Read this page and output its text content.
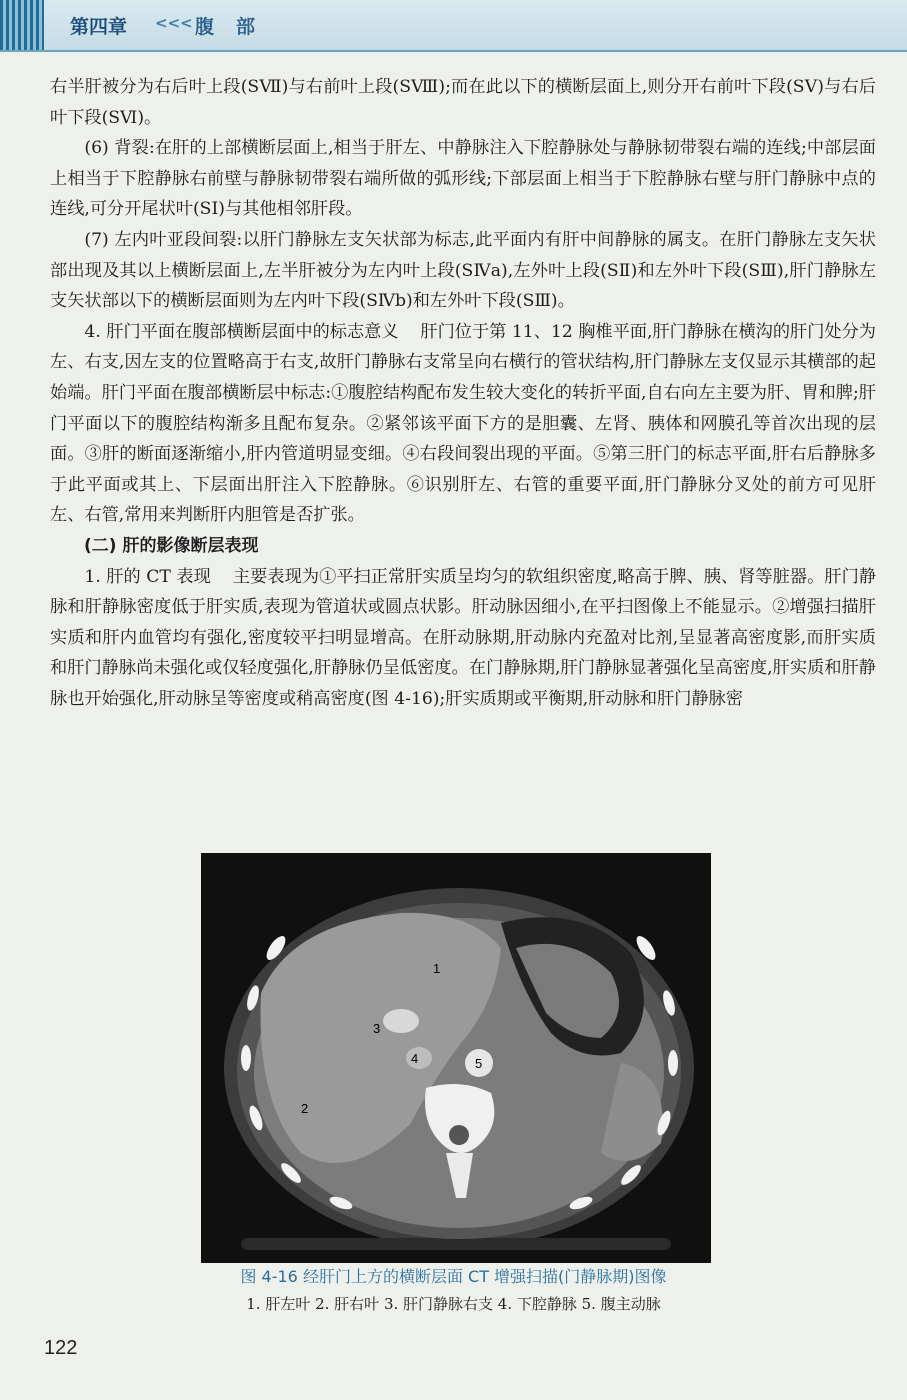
第四章 <<< 腹部

右半肝被分为右后叶上段(SⅦ)与右前叶上段(SⅧ);而在此以下的横断层面上,则分开右前叶下段(SⅤ)与右后叶下段(SⅥ)。

(6) 背裂:在肝的上部横断层面上,相当于肝左、中静脉注入下腔静脉处与静脉韧带裂右端的连线;中部层面上相当于下腔静脉右前壁与静脉韧带裂右端所做的弧形线;下部层面上相当于下腔静脉右壁与肝门静脉中点的连线,可分开尾状叶(SⅠ)与其他相邻肝段。

(7) 左内叶亚段间裂:以肝门静脉左支矢状部为标志,此平面内有肝中间静脉的属支。在肝门静脉左支矢状部出现及其以上横断层面上,左半肝被分为左内叶上段(SⅣa),左外叶上段(SⅡ)和左外叶下段(SⅢ),肝门静脉左支矢状部以下的横断层面则为左内叶下段(SⅣb)和左外叶下段(SⅢ)。

4. 肝门平面在腹部横断层面中的标志意义 肝门位于第 11、12 胸椎平面,肝门静脉在横沟的肝门处分为左、右支,因左支的位置略高于右支,故肝门静脉右支常呈向右横行的管状结构,肝门静脉左支仅显示其横部的起始端。肝门平面在腹部横断层中标志:①腹腔结构配布发生较大变化的转折平面,自右向左主要为肝、胃和脾;肝门平面以下的腹腔结构渐多且配布复杂。②紧邻该平面下方的是胆囊、左肾、胰体和网膜孔等首次出现的层面。③肝的断面逐渐缩小,肝内管道明显变细。④右段间裂出现的平面。⑤第三肝门的标志平面,肝右后静脉多于此平面或其上、下层面出肝注入下腔静脉。⑥识别肝左、右管的重要平面,肝门静脉分叉处的前方可见肝左、右管,常用来判断肝内胆管是否扩张。

(二) 肝的影像断层表现

1. 肝的 CT 表现 主要表现为①平扫正常肝实质呈均匀的软组织密度,略高于脾、胰、肾等脏器。肝门静脉和肝静脉密度低于肝实质,表现为管道状或圆点状影。肝动脉因细小,在平扫图像上不能显示。②增强扫描肝实质和肝内血管均有强化,密度较平扫明显增高。在肝动脉期,肝动脉内充盈对比剂,呈显著高密度影,而肝实质和肝门静脉尚未强化或仅轻度强化,肝静脉仍呈低密度。在门静脉期,肝门静脉显著强化呈高密度,肝实质和肝静脉也开始强化,肝动脉呈等密度或稍高密度(图 4-16);肝实质期或平衡期,肝动脉和肝门静脉密

1
2
3
4	5
图 4-16 经肝门上方的横断层面 CT 增强扫描(门静脉期)图像
1. 肝左叶 2. 肝右叶 3. 肝门静脉右支 4. 下腔静脉 5. 腹主动脉
122
